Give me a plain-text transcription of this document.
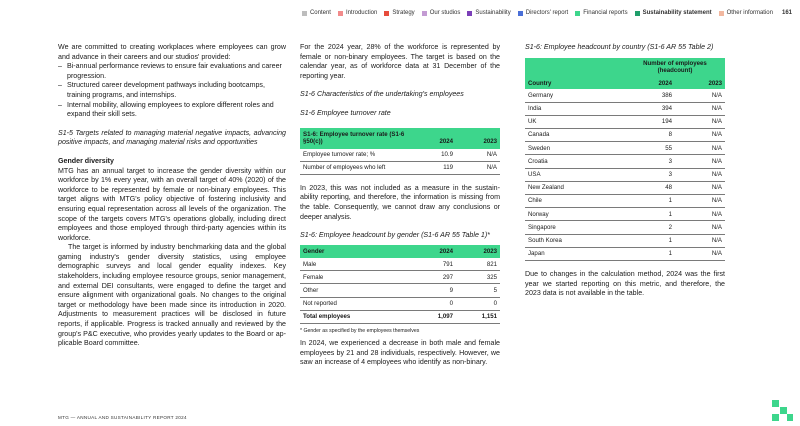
Content	Introduction	Strategy	Our studios	Sustainability	Directors' report	Financial reports	Sustainability statement	Other information 161

We are committed to creating workplaces where employees can grow and advance in their careers and our studios' provided:

– Bi-annual performance reviews to ensure fair evaluations and career progression.
– Structured career development pathways including bootcamps, training programs, and internships.
– Internal mobility, allowing employees to explore different roles and expand their skill sets.

S1-5 Targets related to managing material negative impacts, advancing positive impacts, and managing material risks and opportunities

Gender diversity

MTG has an annual target to increase the gender diversity within our workforce by 1% every year, with an overall target of 40% (2020) of the workforce to be represented by female or non-binary employees. This target aligns with MTG's policy objective of fostering inclusivity and ensuring equal representation across all levels of the organization. The scope of the targets covers MTG's operations globally, including direct employees and those employed through third-party agencies within its workforce.

The target is informed by industry benchmarking data and the global gaming industry's gender diversity statistics, using employee demographic surveys and local gender equality indexes. Key stakeholders, including employee resource groups, senior management, and external DEI consultants, were engaged to define the target and ensure alignment with organizational goals. No changes to the original target or methodology have been made since its introduction in 2020. Adjustments to measurement practices will be disclosed in future reports, if applicable. Progress is tracked annually and reviewed by the group's P&C executive, who provides yearly updates to the Board or applicable Board committee.

For the 2024 year, 28% of the workforce is represented by female or non-binary employees. The target is based on the calendar year, as of workforce data at 31 December of the reporting year.

S1-6 Characteristics of the undertaking's employees

S1-6 Employee turnover rate

S1-6: Employee turnover rate (S1-6 §50(c))	2024	2023
Employee turnover rate; %	10.9	N/A
Number of employees who left	119	N/A

In 2023, this was not included as a measure in the sustainability reporting, and therefore, the information is missing from the table. Consequently, we cannot draw any conclusions or deeper analysis.

S1-6: Employee headcount by gender (S1-6 AR 55 Table 1)*

Gender	2024	2023
Male	791	821
Female	297	325
Other	9	5
Not reported	0	0
Total employees	1,097	1,151

* Gender as specified by the employees themselves

In 2024, we experienced a decrease in both male and female employees by 21 and 28 individuals, respectively. However, we saw an increase of 4 employees who identify as non-binary.

S1-6: Employee headcount by country (S1-6 AR 55 Table 2)

	Number of employees (headcount)	
Country	2024	2023
Germany	386	N/A
India	394	N/A
UK	194	N/A
Canada	8	N/A
Sweden	55	N/A
Croatia	3	N/A
USA	3	N/A
New Zealand	48	N/A
Chile	1	N/A
Norway	1	N/A
Singapore	2	N/A
South Korea	1	N/A
Japan	1	N/A

Due to changes in the calculation method, 2024 was the first year we started reporting on this metric, and therefore, the 2023 data is not available in the table.

MTG — ANNUAL AND SUSTAINABILITY REPORT 2024
